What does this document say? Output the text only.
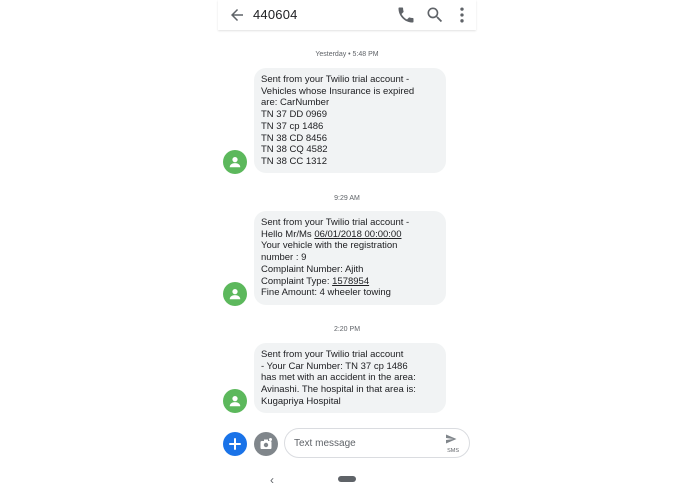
440604
Yesterday • 5:48 PM
Sent from your Twilio trial account -
Vehicles whose Insurance is expired
are: CarNumber
TN 37 DD 0969
TN 37 cp 1486
TN 38 CD 8456
TN 38 CQ 4582
TN 38 CC 1312
9:29 AM
Sent from your Twilio trial account -
Hello Mr/Ms 06/01/2018 00:00:00
Your vehicle with the registration
number : 9
Complaint Number: Ajith
Complaint Type: 1578954
Fine Amount: 4 wheeler towing
2:20 PM
Sent from your Twilio trial account
- Your Car Number: TN 37 cp 1486
has met with an accident in the area:
Avinashi. The hospital in that area is:
Kugapriya Hospital
Text message
SMS
‹
